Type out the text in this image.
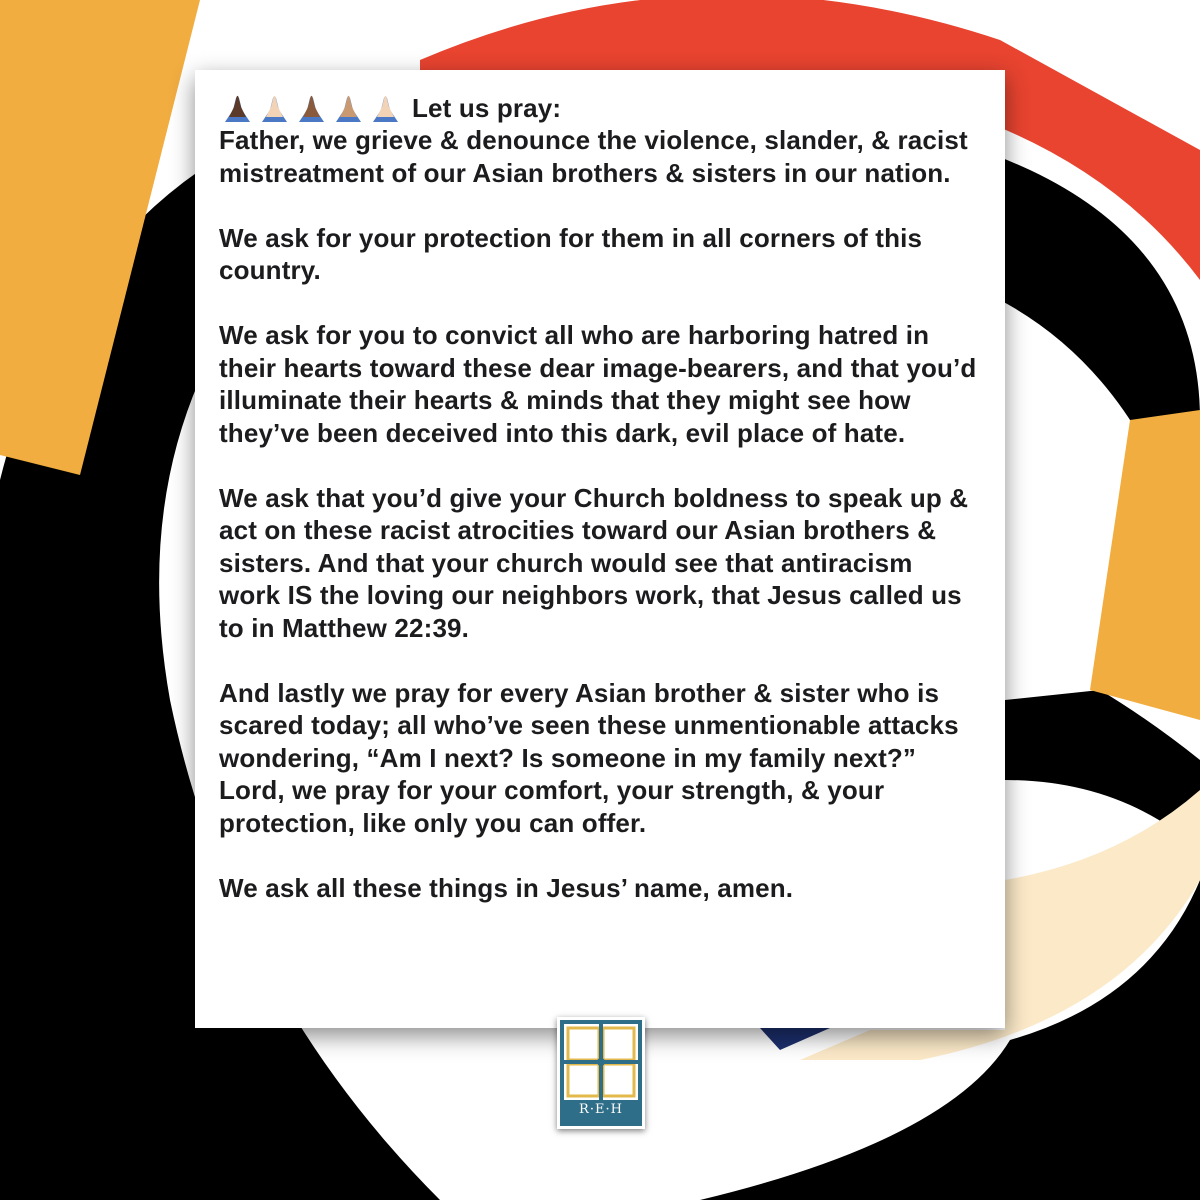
Let us pray:

Father, we grieve & denounce the violence, slander, & racist mistreatment of our Asian brothers & sisters in our nation.

We ask for your protection for them in all corners of this country.

We ask for you to convict all who are harboring hatred in their hearts toward these dear image-bearers, and that you’d illuminate their hearts & minds that they might see how they’ve been deceived into this dark, evil place of hate.

We ask that you’d give your Church boldness to speak up & act on these racist atrocities toward our Asian brothers & sisters. And that your church would see that antiracism work IS the loving our neighbors work, that Jesus called us to in Matthew 22:39.

And lastly we pray for every Asian brother & sister who is scared today; all who’ve seen these unmentionable attacks wondering, “Am I next? Is someone in my family next?” Lord, we pray for your comfort, your strength, & your protection, like only you can offer.

We ask all these things in Jesus’ name, amen.

R·E·H
